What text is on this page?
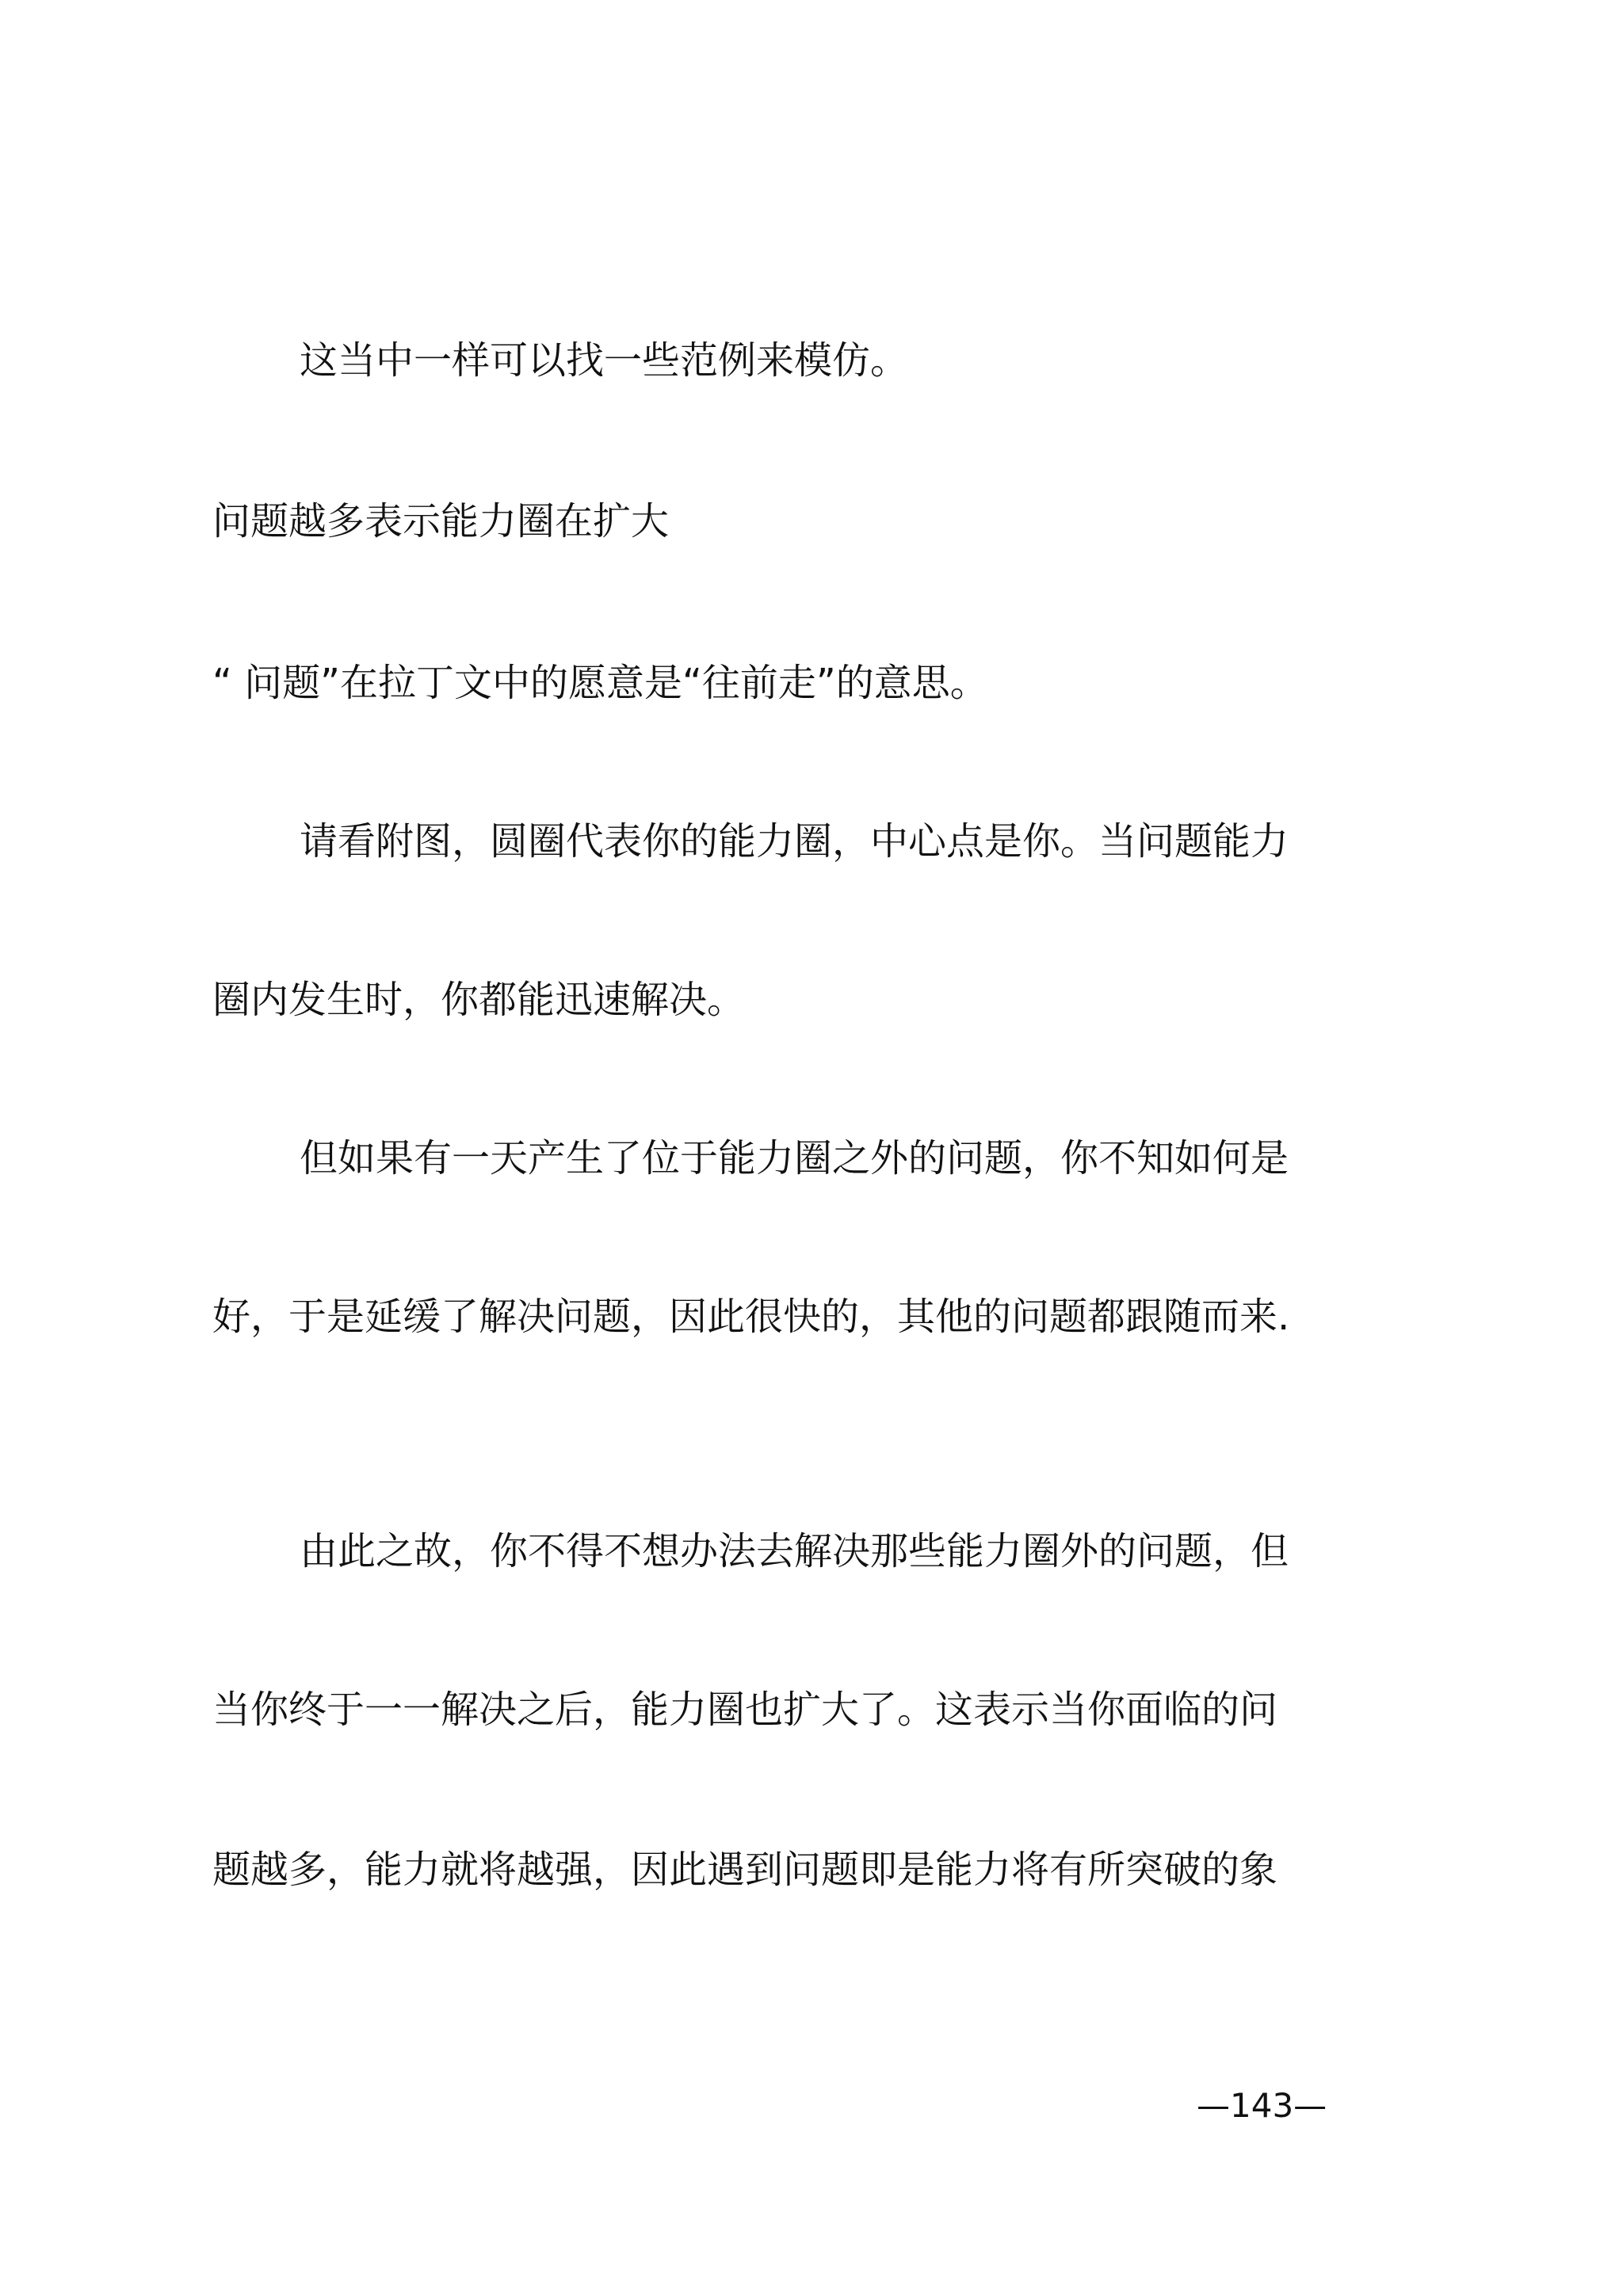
这当中一样可以找一些范例来模仿。
问题越多表示能力圈在扩大
“ 问题”在拉丁文中的愿意是“往前走”的意思。
请看附图，圆圈代表你的能力圈，中心点是你。当问题能力
圈内发生时，你都能迅速解决。
但如果有一天产生了位于能力圈之外的问题，你不知如何是
好，于是延缓了解决问题，因此很快的，其他的问题都跟随而来.
由此之故，你不得不想办法去解决那些能力圈外的问题，但
当你终于一一解决之后，能力圈也扩大了。这表示当你面临的问
题越多，能力就将越强，因此遇到问题即是能力将有所突破的象
—143—
